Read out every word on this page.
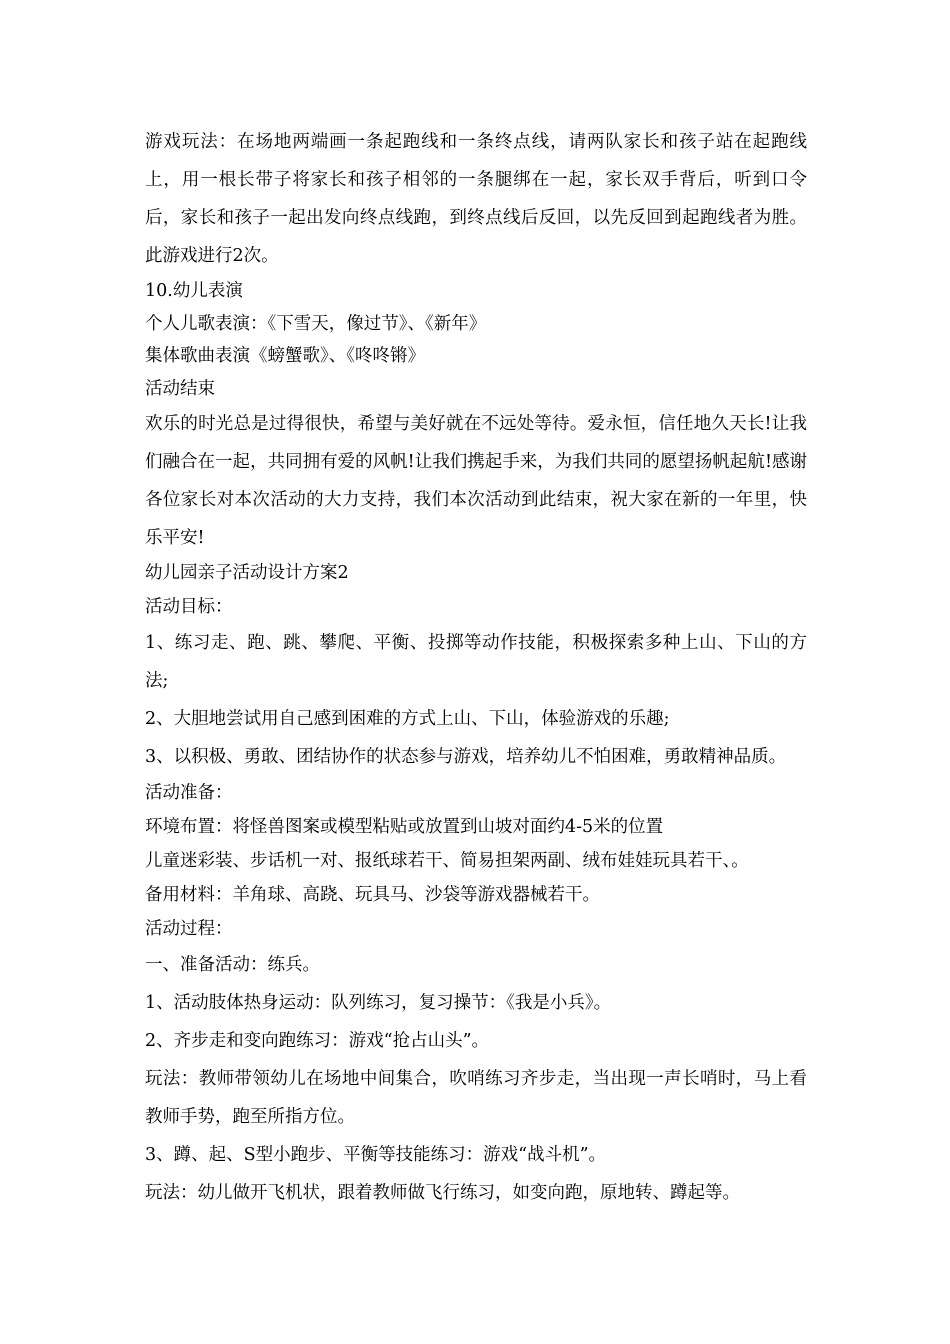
游戏玩法：在场地两端画一条起跑线和一条终点线，请两队家长和孩子站在起跑线上，用一根长带子将家长和孩子相邻的一条腿绑在一起，家长双手背后，听到口令后，家长和孩子一起出发向终点线跑，到终点线后反回，以先反回到起跑线者为胜。此游戏进行2次。

10.幼儿表演

个人儿歌表演：《下雪天，像过节》、《新年》

集体歌曲表演《螃蟹歌》、《咚咚锵》

活动结束

欢乐的时光总是过得很快，希望与美好就在不远处等待。爱永恒，信任地久天长!让我们融合在一起，共同拥有爱的风帆!让我们携起手来，为我们共同的愿望扬帆起航!感谢各位家长对本次活动的大力支持，我们本次活动到此结束，祝大家在新的一年里，快乐平安!

幼儿园亲子活动设计方案2

活动目标：

1、练习走、跑、跳、攀爬、平衡、投掷等动作技能，积极探索多种上山、下山的方法;

2、大胆地尝试用自己感到困难的方式上山、下山，体验游戏的乐趣;

3、以积极、勇敢、团结协作的状态参与游戏，培养幼儿不怕困难，勇敢精神品质。

活动准备：

环境布置：将怪兽图案或模型粘贴或放置到山坡对面约4-5米的位置

儿童迷彩装、步话机一对、报纸球若干、简易担架两副、绒布娃娃玩具若干、。

备用材料：羊角球、高跷、玩具马、沙袋等游戏器械若干。

活动过程：

一、准备活动：练兵。

1、活动肢体热身运动：队列练习，复习操节：《我是小兵》。

2、齐步走和变向跑练习：游戏“抢占山头”。

玩法：教师带领幼儿在场地中间集合，吹哨练习齐步走，当出现一声长哨时，马上看教师手势，跑至所指方位。

3、蹲、起、S型小跑步、平衡等技能练习：游戏“战斗机”。

玩法：幼儿做开飞机状，跟着教师做飞行练习，如变向跑，原地转、蹲起等。
